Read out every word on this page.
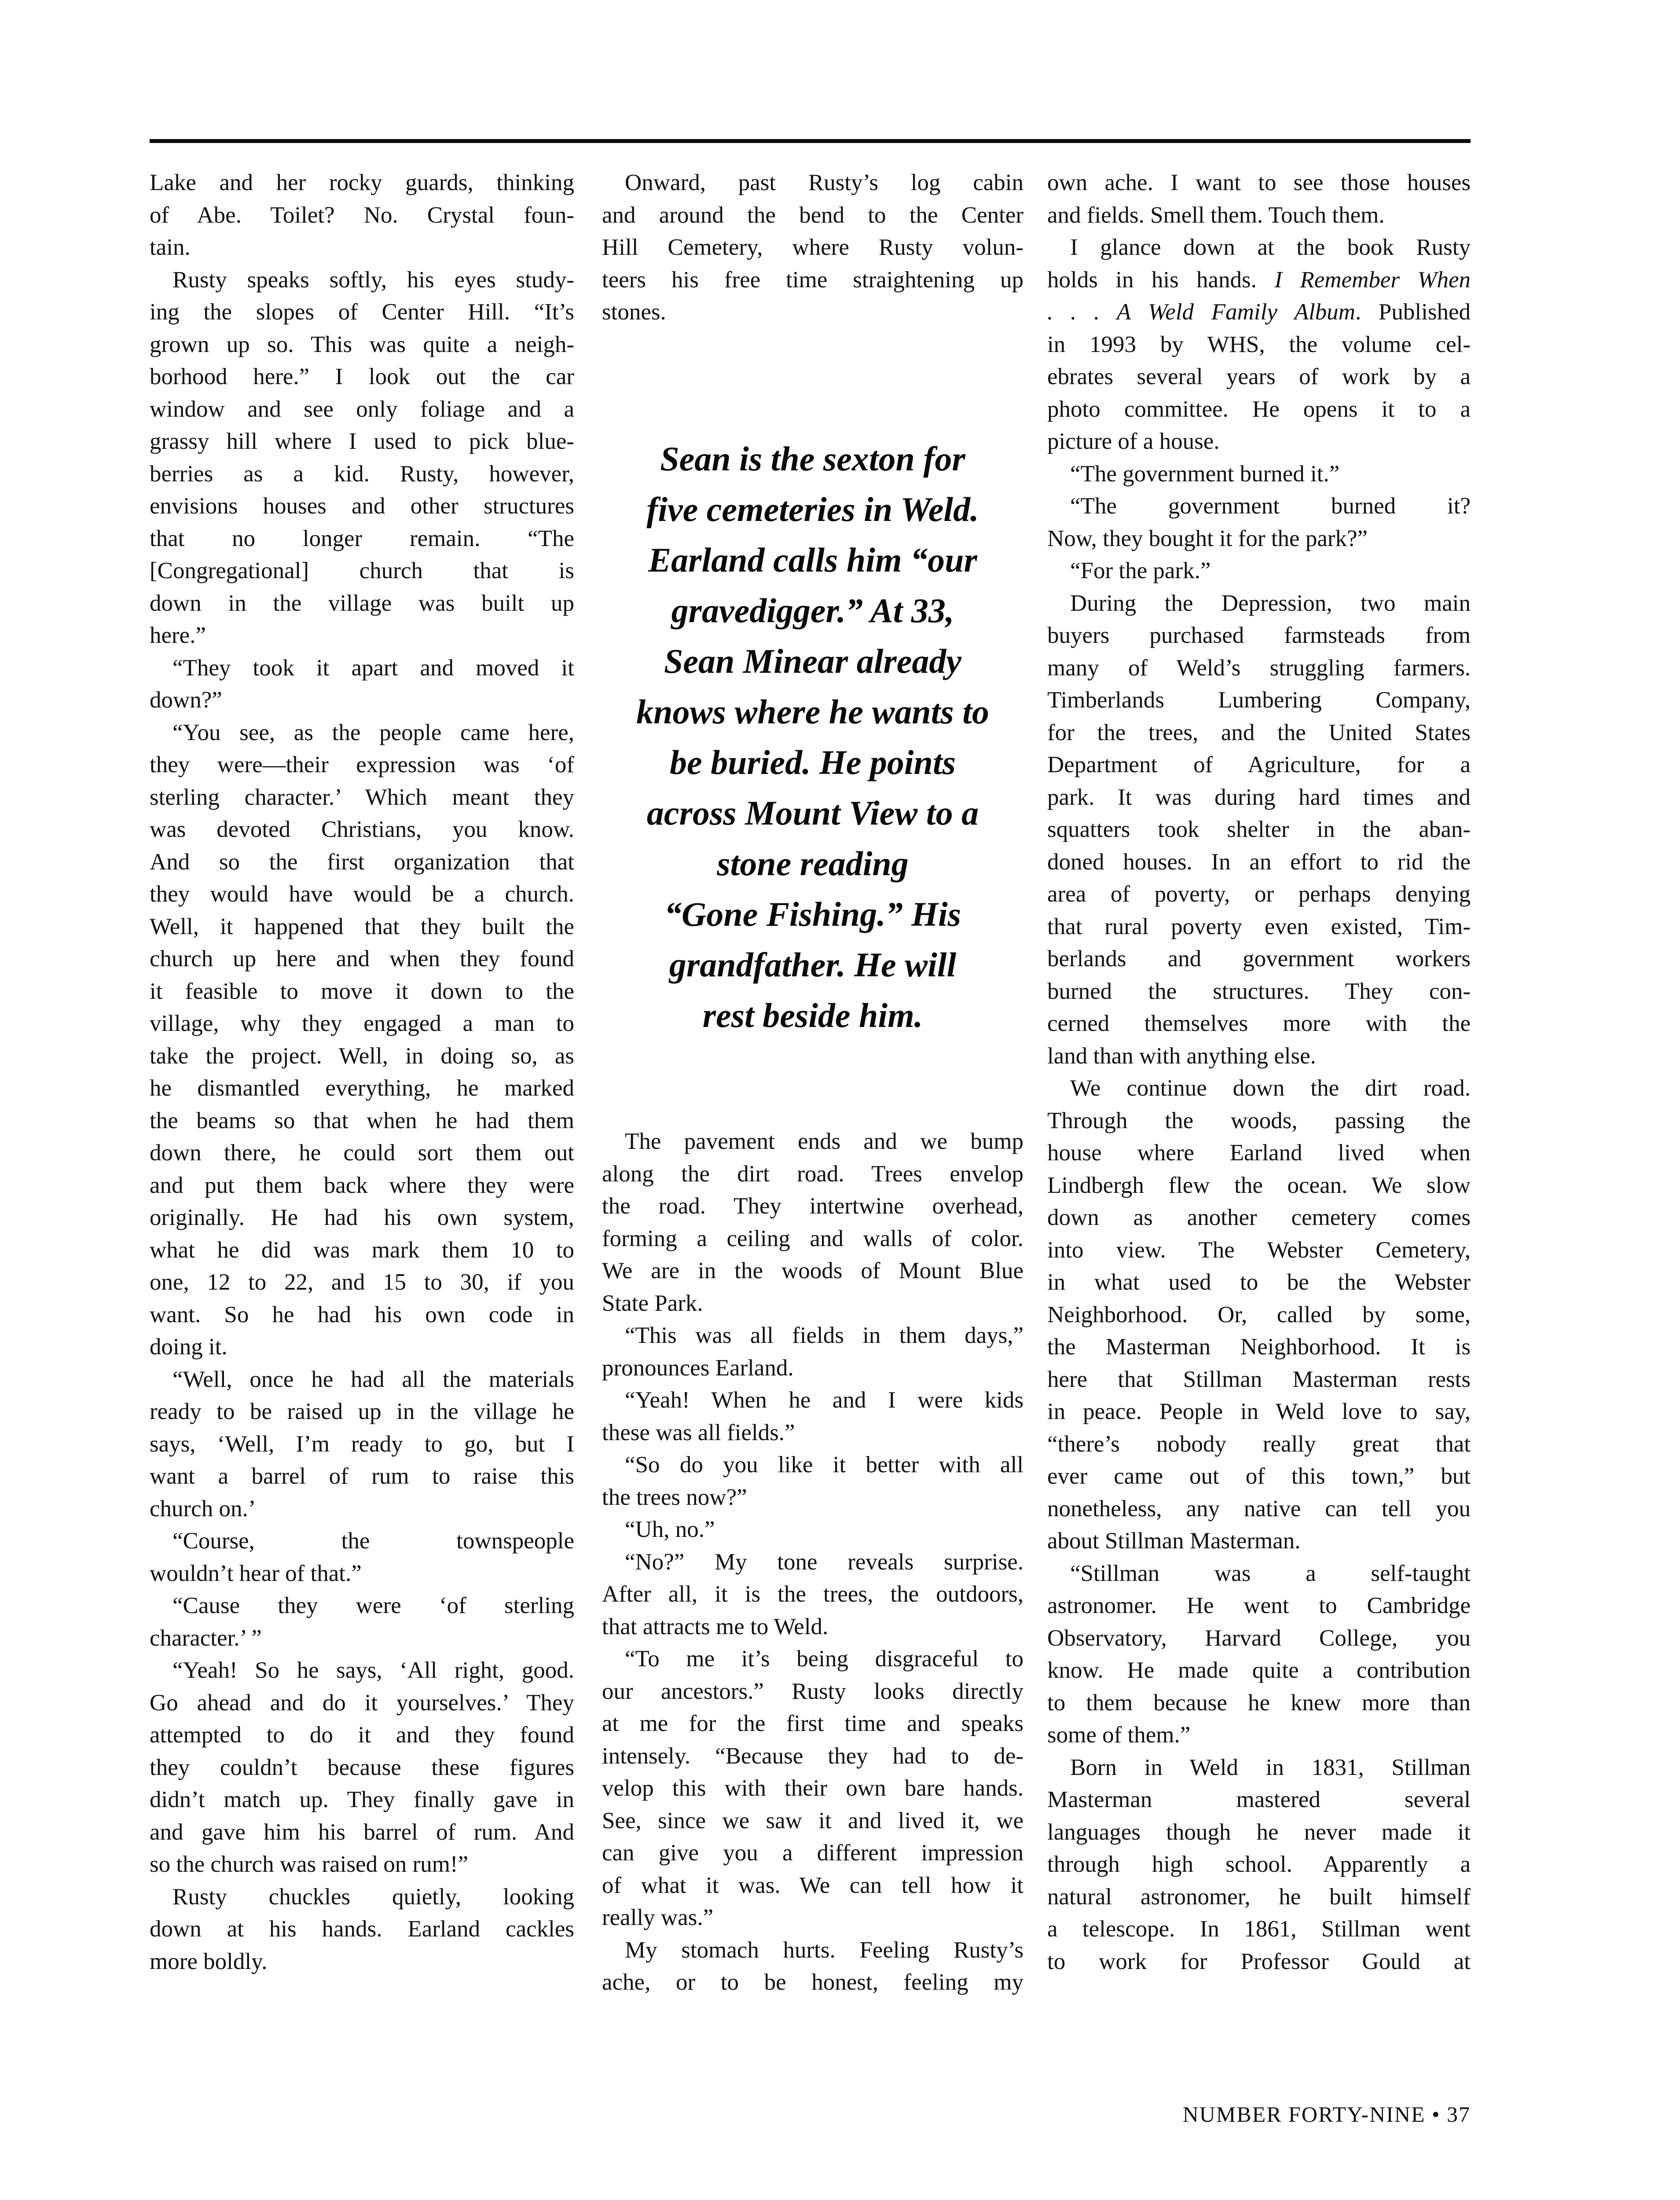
Lake and her rocky guards, thinking
of Abe. Toilet? No. Crystal foun-
tain.
Rusty speaks softly, his eyes study-
ing the slopes of Center Hill. “It’s
grown up so. This was quite a neigh-
borhood here.” I look out the car
window and see only foliage and a
grassy hill where I used to pick blue-
berries as a kid. Rusty, however,
envisions houses and other structures
that no longer remain. “The
[Congregational] church that is
down in the village was built up
here.”
“They took it apart and moved it
down?”
“You see, as the people came here,
they were—their expression was ‘of
sterling character.’ Which meant they
was devoted Christians, you know.
And so the first organization that
they would have would be a church.
Well, it happened that they built the
church up here and when they found
it feasible to move it down to the
village, why they engaged a man to
take the project. Well, in doing so, as
he dismantled everything, he marked
the beams so that when he had them
down there, he could sort them out
and put them back where they were
originally. He had his own system,
what he did was mark them 10 to
one, 12 to 22, and 15 to 30, if you
want. So he had his own code in
doing it.
“Well, once he had all the materials
ready to be raised up in the village he
says, ‘Well, I’m ready to go, but I
want a barrel of rum to raise this
church on.’
“Course, the townspeople
wouldn’t hear of that.”
“Cause they were ‘of sterling
character.’ ”
“Yeah! So he says, ‘All right, good.
Go ahead and do it yourselves.’ They
attempted to do it and they found
they couldn’t because these figures
didn’t match up. They finally gave in
and gave him his barrel of rum. And
so the church was raised on rum!”
Rusty chuckles quietly, looking
down at his hands. Earland cackles
more boldly.
Onward, past Rusty’s log cabin
and around the bend to the Center
Hill Cemetery, where Rusty volun-
teers his free time straightening up
stones.
Sean is the sexton for
five cemeteries in Weld.
Earland calls him “our
gravedigger.” At 33,
Sean Minear already
knows where he wants to
be buried. He points
across Mount View to a
stone reading
“Gone Fishing.” His
grandfather. He will
rest beside him.
The pavement ends and we bump
along the dirt road. Trees envelop
the road. They intertwine overhead,
forming a ceiling and walls of color.
We are in the woods of Mount Blue
State Park.
“This was all fields in them days,”
pronounces Earland.
“Yeah! When he and I were kids
these was all fields.”
“So do you like it better with all
the trees now?”
“Uh, no.”
“No?” My tone reveals surprise.
After all, it is the trees, the outdoors,
that attracts me to Weld.
“To me it’s being disgraceful to
our ancestors.” Rusty looks directly
at me for the first time and speaks
intensely. “Because they had to de-
velop this with their own bare hands.
See, since we saw it and lived it, we
can give you a different impression
of what it was. We can tell how it
really was.”
My stomach hurts. Feeling Rusty’s
ache, or to be honest, feeling my
own ache. I want to see those houses
and fields. Smell them. Touch them.
I glance down at the book Rusty
holds in his hands. I Remember When
. . . A Weld Family Album. Published
in 1993 by WHS, the volume cel-
ebrates several years of work by a
photo committee. He opens it to a
picture of a house.
“The government burned it.”
“The government burned it?
Now, they bought it for the park?”
“For the park.”
During the Depression, two main
buyers purchased farmsteads from
many of Weld’s struggling farmers.
Timberlands Lumbering Company,
for the trees, and the United States
Department of Agriculture, for a
park. It was during hard times and
squatters took shelter in the aban-
doned houses. In an effort to rid the
area of poverty, or perhaps denying
that rural poverty even existed, Tim-
berlands and government workers
burned the structures. They con-
cerned themselves more with the
land than with anything else.
We continue down the dirt road.
Through the woods, passing the
house where Earland lived when
Lindbergh flew the ocean. We slow
down as another cemetery comes
into view. The Webster Cemetery,
in what used to be the Webster
Neighborhood. Or, called by some,
the Masterman Neighborhood. It is
here that Stillman Masterman rests
in peace. People in Weld love to say,
“there’s nobody really great that
ever came out of this town,” but
nonetheless, any native can tell you
about Stillman Masterman.
“Stillman was a self-taught
astronomer. He went to Cambridge
Observatory, Harvard College, you
know. He made quite a contribution
to them because he knew more than
some of them.”
Born in Weld in 1831, Stillman
Masterman mastered several
languages though he never made it
through high school. Apparently a
natural astronomer, he built himself
a telescope. In 1861, Stillman went
to work for Professor Gould at
NUMBER FORTY-NINE • 37
